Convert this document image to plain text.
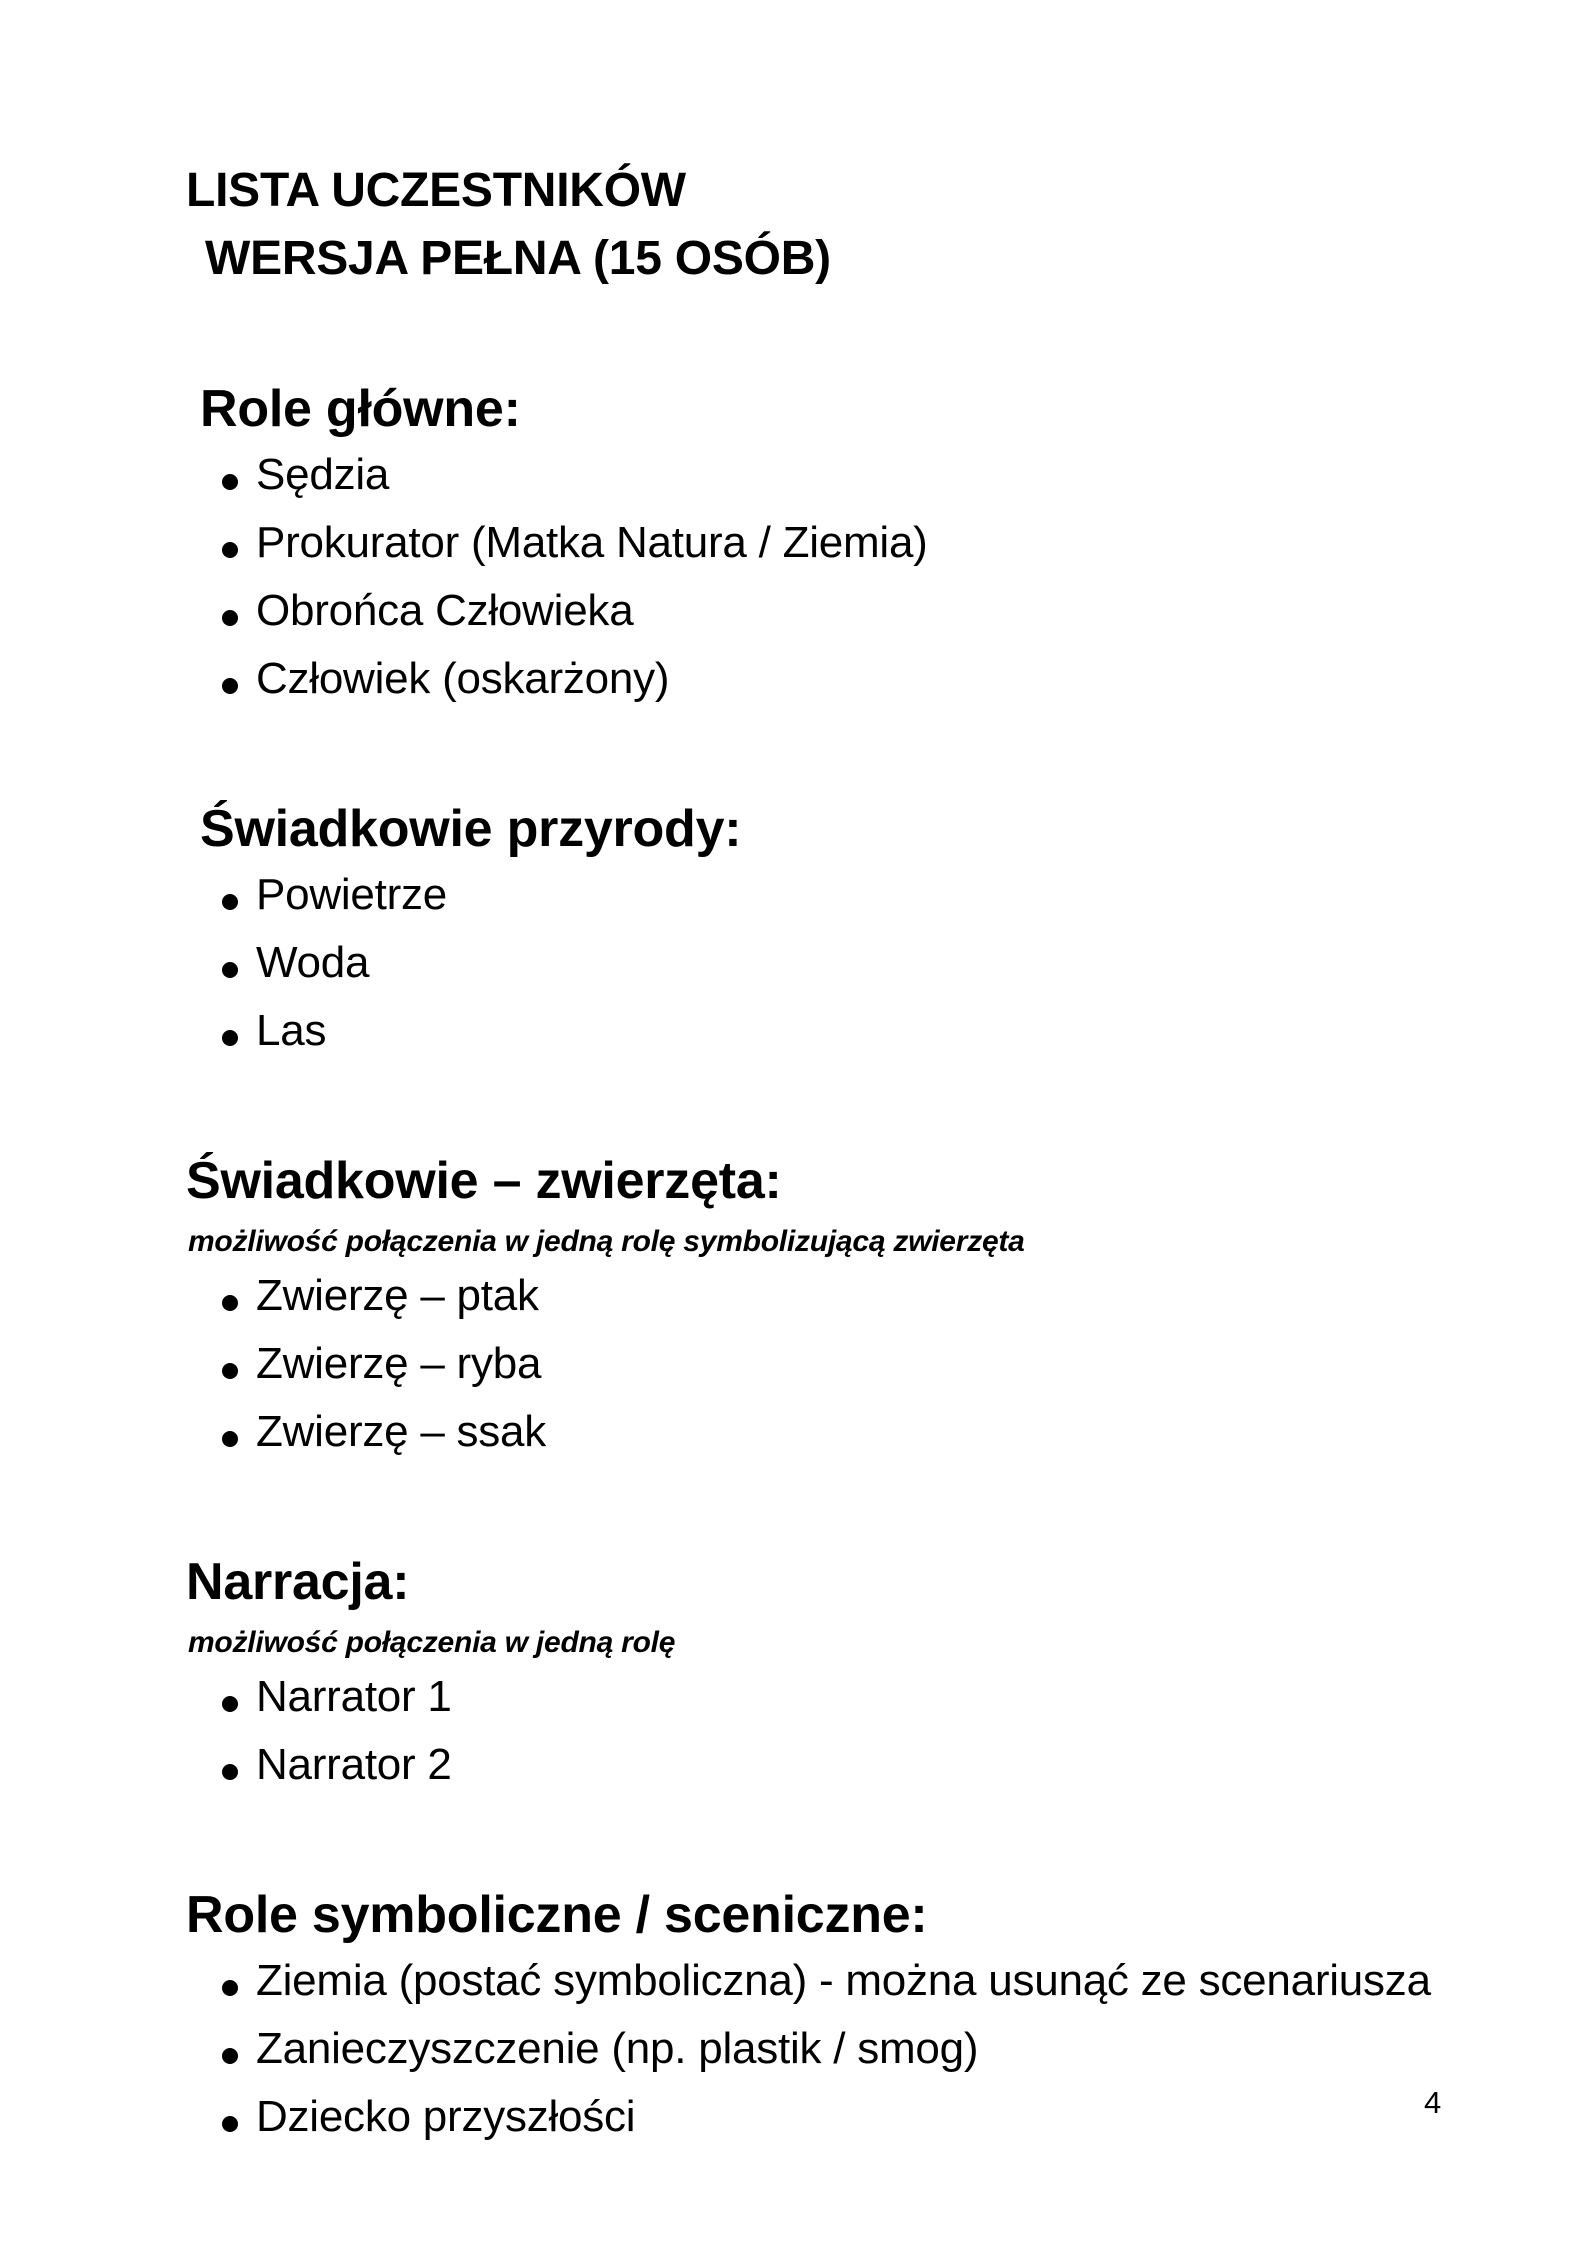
LISTA UCZESTNIKÓW
WERSJA PEŁNA (15 OSÓB)
Role główne:
Sędzia
Prokurator (Matka Natura / Ziemia)
Obrońca Człowieka
Człowiek (oskarżony)
Świadkowie przyrody:
Powietrze
Woda
Las
Świadkowie – zwierzęta:
możliwość połączenia w jedną rolę symbolizującą zwierzęta
Zwierzę – ptak
Zwierzę – ryba
Zwierzę – ssak
Narracja:
możliwość połączenia w jedną rolę
Narrator 1
Narrator 2
Role symboliczne / sceniczne:
Ziemia (postać symboliczna) - można usunąć ze scenariusza
Zanieczyszczenie (np. plastik / smog)
Dziecko przyszłości	4
